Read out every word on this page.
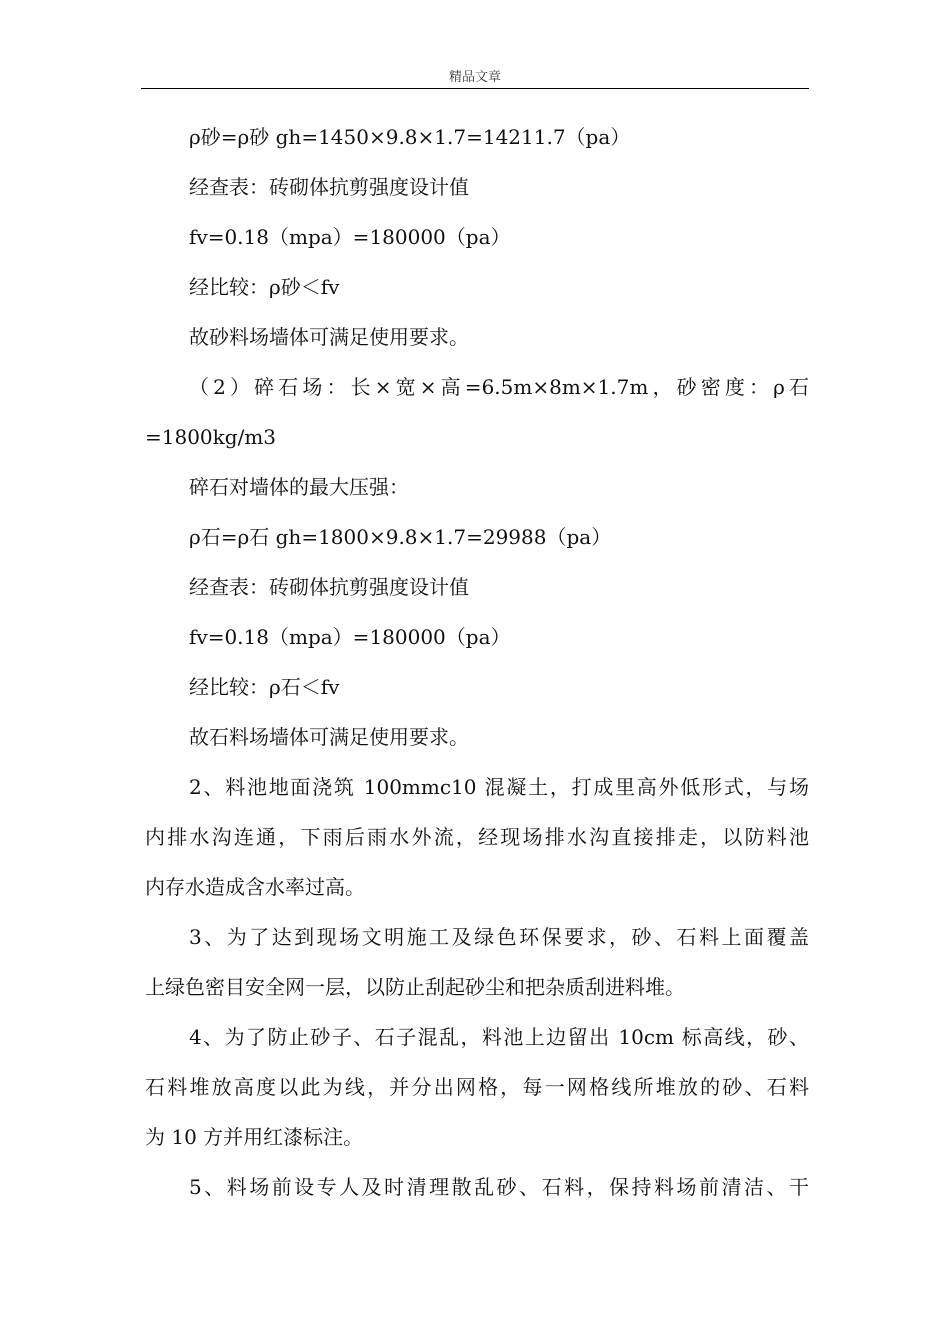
精品文章
ρ砂=ρ砂 gh=1450×9.8×1.7=14211.7（pa）
经查表：砖砌体抗剪强度设计值
fv=0.18（mpa）=180000（pa）
经比较：ρ砂＜fv
故砂料场墙体可满足使用要求。
（2）碎石场：长×宽×高=6.5m×8m×1.7m，砂密度：ρ石
=1800kg/m3
碎石对墙体的最大压强：
ρ石=ρ石 gh=1800×9.8×1.7=29988（pa）
经查表：砖砌体抗剪强度设计值
fv=0.18（mpa）=180000（pa）
经比较：ρ石＜fv
故石料场墙体可满足使用要求。
2、料池地面浇筑 100mmc10 混凝土，打成里高外低形式，与场
内排水沟连通，下雨后雨水外流，经现场排水沟直接排走，以防料池
内存水造成含水率过高。
3、为了达到现场文明施工及绿色环保要求，砂、石料上面覆盖
上绿色密目安全网一层，以防止刮起砂尘和把杂质刮进料堆。
4、为了防止砂子、石子混乱，料池上边留出 10cm 标高线，砂、
石料堆放高度以此为线，并分出网格，每一网格线所堆放的砂、石料
为 10 方并用红漆标注。
5、料场前设专人及时清理散乱砂、石料，保持料场前清洁、干
